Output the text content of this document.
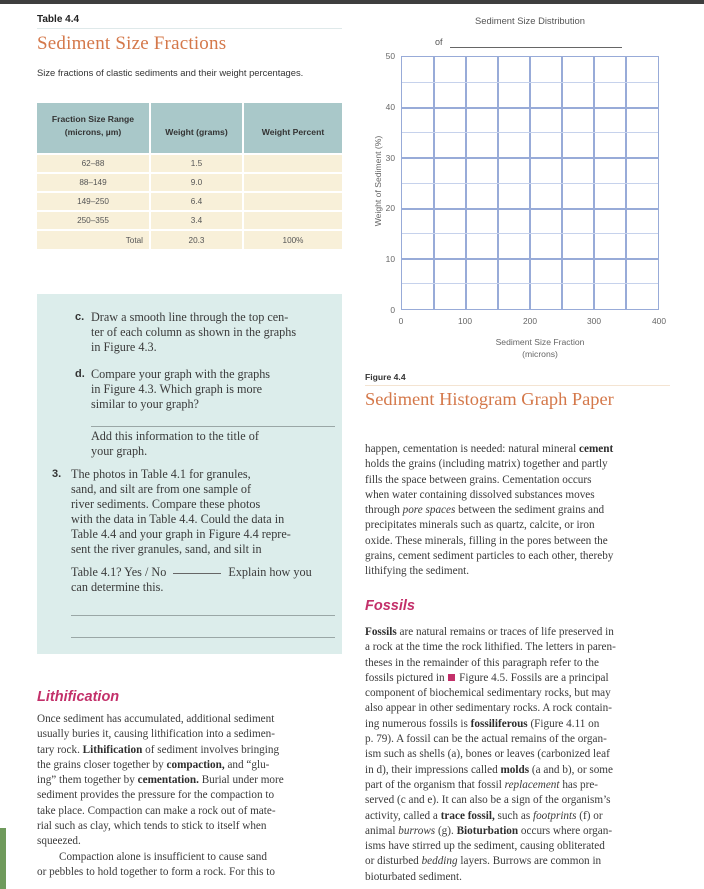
Table 4.4
Sediment Size Fractions
Size fractions of clastic sediments and their weight percentages.
Fraction Size Range
(microns, µm)	Weight (grams)	Weight Percent
62–88	1.5	
88–149	9.0	
149–250	6.4	
250–355	3.4	
Total	20.3	100%
c. Draw a smooth line through the top cen-
ter of each column as shown in the graphs
in Figure 4.3.
d. Compare your graph with the graphs
in Figure 4.3. Which graph is more
similar to your graph?
Add this information to the title of
your graph.
3. The photos in Table 4.1 for granules,
sand, and silt are from one sample of
river sediments. Compare these photos
with the data in Table 4.4. Could the data in
Table 4.4 and your graph in Figure 4.4 repre-
sent the river granules, sand, and silt in
Table 4.1? Yes / No	Explain how you
can determine this.
Lithification
Once sediment has accumulated, additional sediment
usually buries it, causing lithification into a sedimen-
tary rock. Lithification of sediment involves bringing
the grains closer together by compaction, and “glu-
ing” them together by cementation. Burial under more
sediment provides the pressure for the compaction to
take place. Compaction can make a rock out of mate-
rial such as clay, which tends to stick to itself when
squeezed.
Compaction alone is insufficient to cause sand
or pebbles to hold together to form a rock. For this to
Sediment Size Distribution
of
50
40
30
20
10
0
0	100	200	300	400
Weight of Sediment (%)
Sediment Size Fraction
(microns)
Figure 4.4
Sediment Histogram Graph Paper
happen, cementation is needed: natural mineral cement
holds the grains (including matrix) together and partly
fills the space between grains. Cementation occurs
when water containing dissolved substances moves
through pore spaces between the sediment grains and
precipitates minerals such as quartz, calcite, or iron
oxide. These minerals, filling in the pores between the
grains, cement sediment particles to each other, thereby
lithifying the sediment.
Fossils
Fossils are natural remains or traces of life preserved in
a rock at the time the rock lithified. The letters in paren-
theses in the remainder of this paragraph refer to the
fossils pictured in  Figure 4.5. Fossils are a principal
component of biochemical sedimentary rocks, but may
also appear in other sedimentary rocks. A rock contain-
ing numerous fossils is fossiliferous (Figure 4.11 on
p. 79). A fossil can be the actual remains of the organ-
ism such as shells (a), bones or leaves (carbonized leaf
in d), their impressions called molds (a and b), or some
part of the organism that fossil replacement has pre-
served (c and e). It can also be a sign of the organism’s
activity, called a trace fossil, such as footprints (f) or
animal burrows (g). Bioturbation occurs where organ-
isms have stirred up the sediment, causing obliterated
or disturbed bedding layers. Burrows are common in
bioturbated sediment.
